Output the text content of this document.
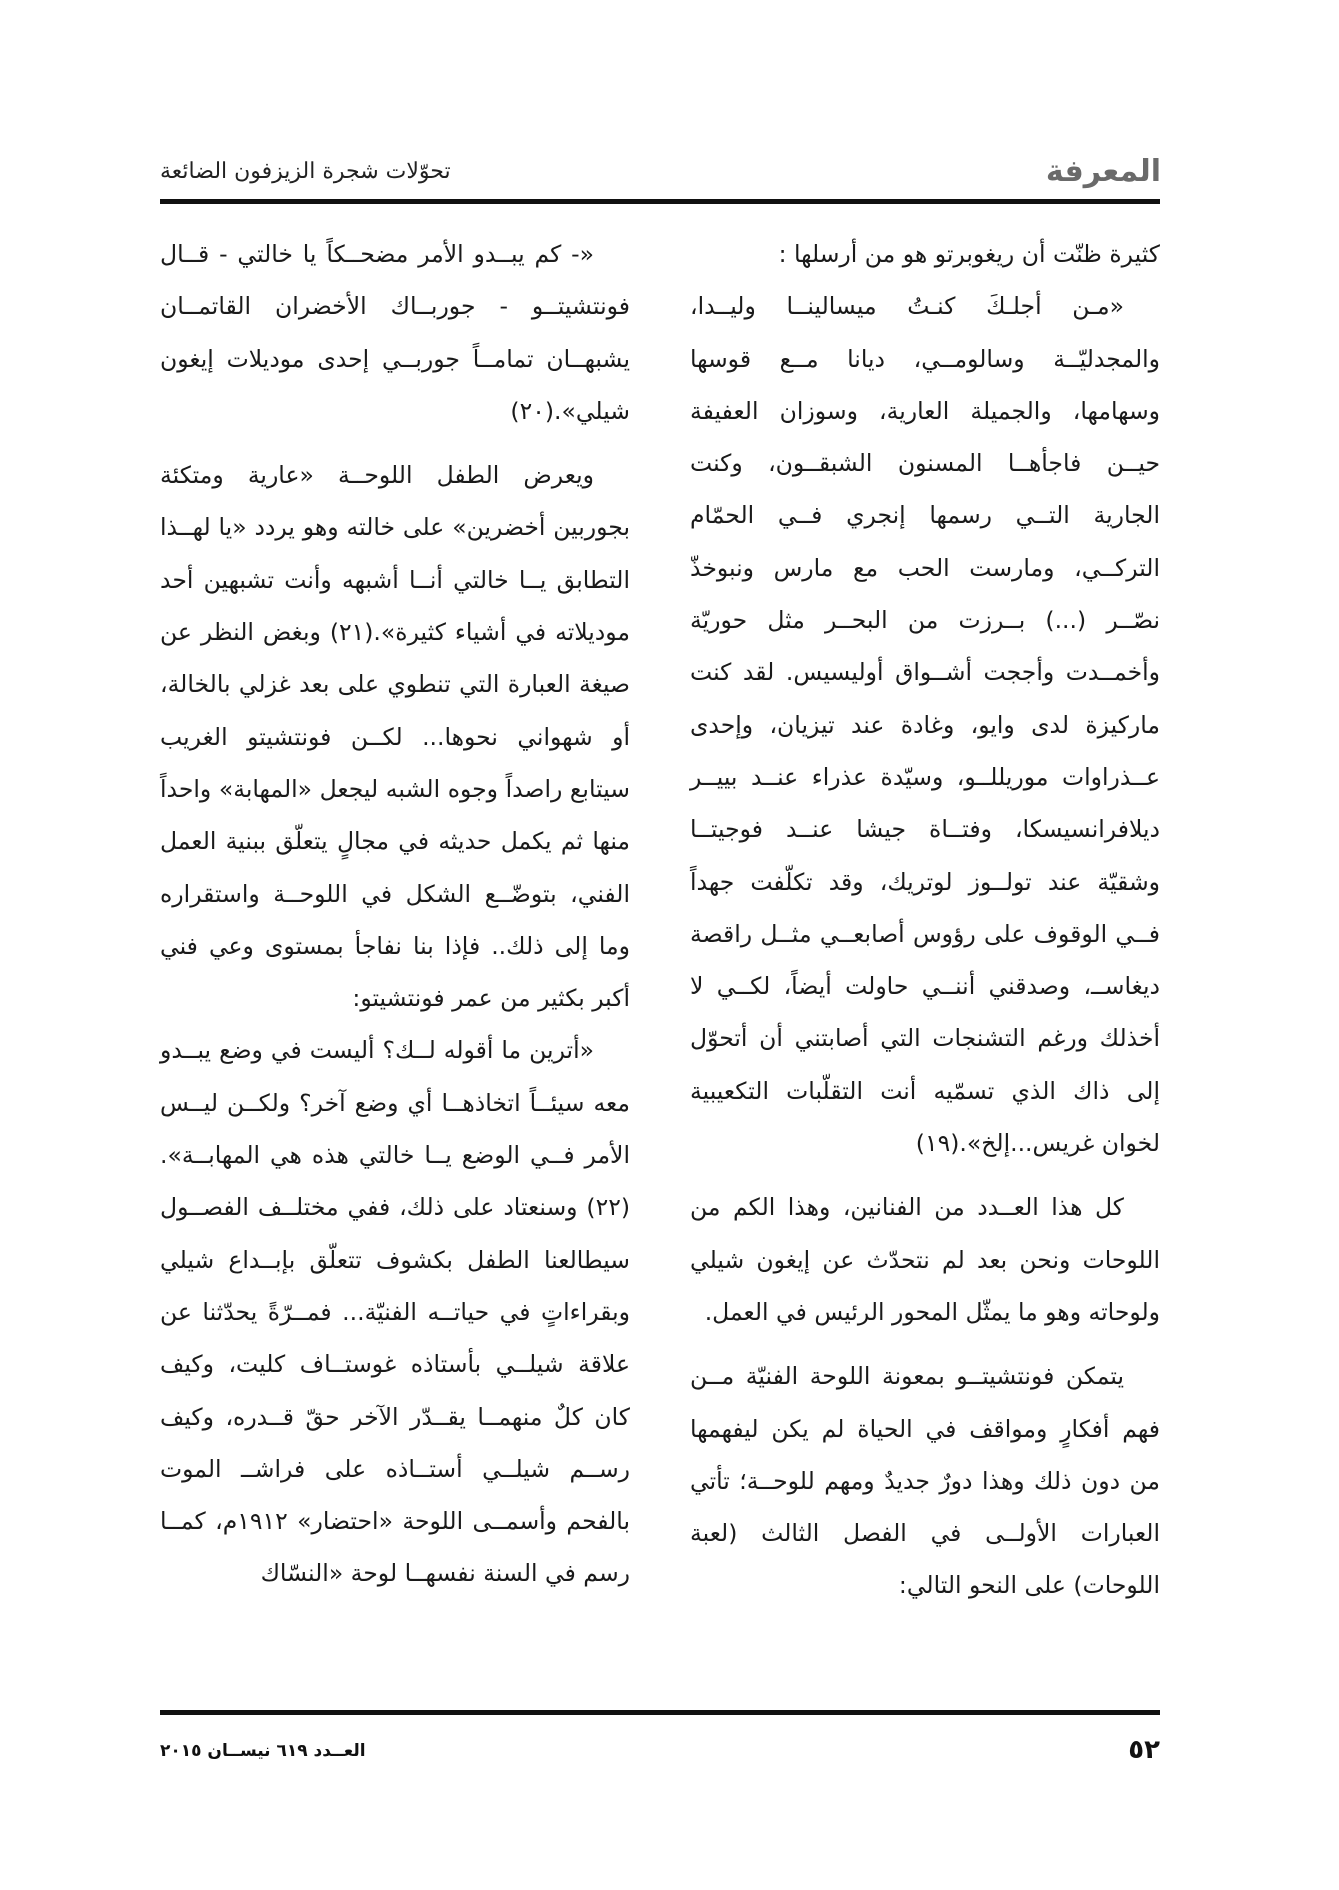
المعرفة
تحوّلات شجرة الزيزفون الضائعة

كثيرة ظنّت أن ريغوبرتو هو من أرسلها :

«مـن أجلـكَ كنـتُ ميسالينــا وليــدا، والمجدليّــة وسالومــي، ديانا مــع قوسها وسهامها، والجميلة العارية، وسوزان العفيفة حيــن فاجأهــا المسنون الشبقــون، وكنت الجارية التــي رسمها إنجري فــي الحمّام التركــي، ومارست الحب مع مارس ونبوخذّ نصّــر (...) بــرزت من البحــر مثل حوريّة وأخمــدت وأججت أشــواق أوليسيس. لقد كنت ماركيزة لدى وايو، وغادة عند تيزيان، وإحدى عــذراوات موريللــو، وسيّدة عذراء عنــد بييــر ديلافرانسيسكا، وفتــاة جيشا عنــد فوجيتــا وشقيّة عند تولــوز لوتريك، وقد تكلّفت جهداً فــي الوقوف على رؤوس أصابعــي مثــل راقصة ديغاســ، وصدقني أننــي حاولت أيضاً، لكــي لا أخذلك ورغم التشنجات التي أصابتني أن أتحوّل إلى ذاك الذي تسمّيه أنت التقلّبات التكعيبية لخوان غريس...إلخ».(١٩)

كل هذا العــدد من الفنانين، وهذا الكم من اللوحات ونحن بعد لم نتحدّث عن إيغون شيلي ولوحاته وهو ما يمثّل المحور الرئيس في العمل.

يتمكن فونتشيتــو بمعونة اللوحة الفنيّة مــن فهم أفكارٍ ومواقف في الحياة لم يكن ليفهمها من دون ذلك وهذا دورٌ جديدٌ ومهم للوحــة؛ تأتي العبارات الأولــى في الفصل الثالث (لعبة اللوحات) على النحو التالي:

«- كم يبــدو الأمر مضحــكاً يا خالتي - قــال فونتشيتــو - جوربــاك الأخضران القاتمــان يشبهــان تمامــاً جوربــي إحدى موديلات إيغون شيلي».(٢٠)

ويعرض الطفل اللوحــة «عارية ومتكئة بجوربين أخضرين» على خالته وهو يردد «يا لهــذا التطابق يــا خالتي أنــا أشبهه وأنت تشبهين أحد موديلاته في أشياء كثيرة».(٢١) وبغض النظر عن صيغة العبارة التي تنطوي على بعد غزلي بالخالة، أو شهواني نحوها... لكــن فونتشيتو الغريب سيتابع راصداً وجوه الشبه ليجعل «المهابة» واحداً منها ثم يكمل حديثه في مجالٍ يتعلّق ببنية العمل الفني، بتوضّــع الشكل في اللوحــة واستقراره وما إلى ذلك.. فإذا بنا نفاجأ بمستوى وعي فني أكبر بكثير من عمر فونتشيتو:

«أترين ما أقوله لــك؟ أليست في وضع يبــدو معه سيئــاً اتخاذهــا أي وضع آخر؟ ولكــن ليــس الأمر فــي الوضع يــا خالتي هذه هي المهابــة».(٢٢) وسنعتاد على ذلك، ففي مختلــف الفصــول سيطالعنا الطفل بكشوف تتعلّق بإبــداع شيلي وبقراءاتٍ في حياتــه الفنيّة... فمــرّةً يحدّثنا عن علاقة شيلــي بأستاذه غوستــاف كليت، وكيف كان كلٌ منهمــا يقــدّر الآخر حقّ قــدره، وكيف رســم شيلــي أستــاذه على فراشــ الموت بالفحم وأسمــى اللوحة «احتضار» ١٩١٢م، كمــا رسم في السنة نفسهــا لوحة «النسّاك

العــدد ٦١٩ نيســان ٢٠١٥	٥٢
